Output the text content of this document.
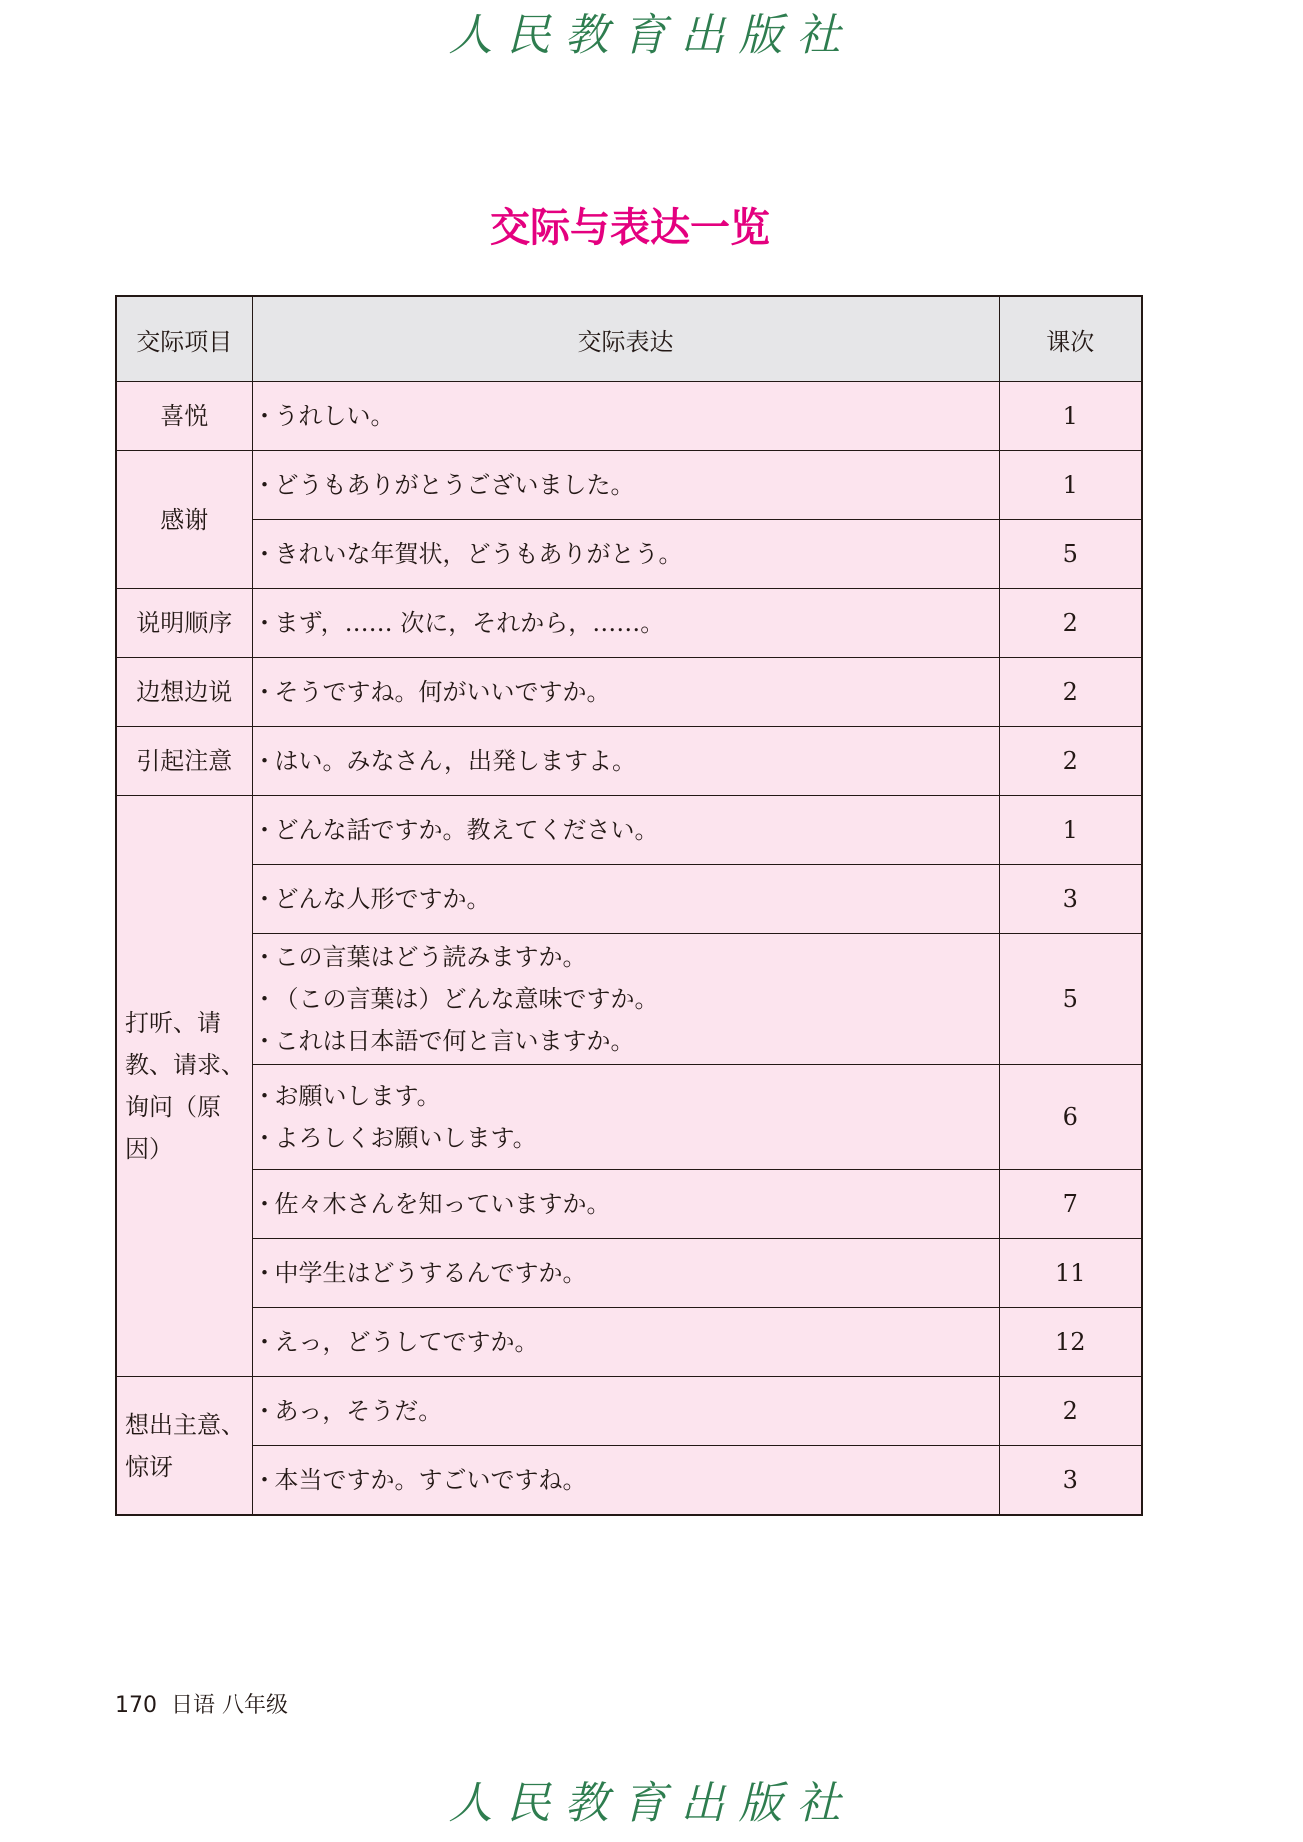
人民教育出版社
交际与表达一览
交际项目	交际表达	课次

喜悦	・うれしい。	1

感谢	・どうもありがとうございました。	1

	・きれいな年賀状，どうもありがとう。	5

说明顺序	・まず，…… 次に，それから，……。	2

边想边说	・そうですね。何がいいですか。	2

引起注意	・はい。みなさん，出発しますよ。	2

打听、请
教、请求、
询问（原
因）	・どんな話ですか。教えてください。	1

	・どんな人形ですか。	3

	・この言葉はどう読みますか。
・（この言葉は）どんな意味ですか。
・これは日本語で何と言いますか。	5

	・お願いします。
・よろしくお願いします。	6

	・佐々木さんを知っていますか。	7

	・中学生はどうするんですか。	11

	・えっ，どうしてですか。	12

想出主意、
惊讶	・あっ，そうだ。	2

	・本当ですか。すごいですね。	3
170 日语 八年级
人民教育出版社
